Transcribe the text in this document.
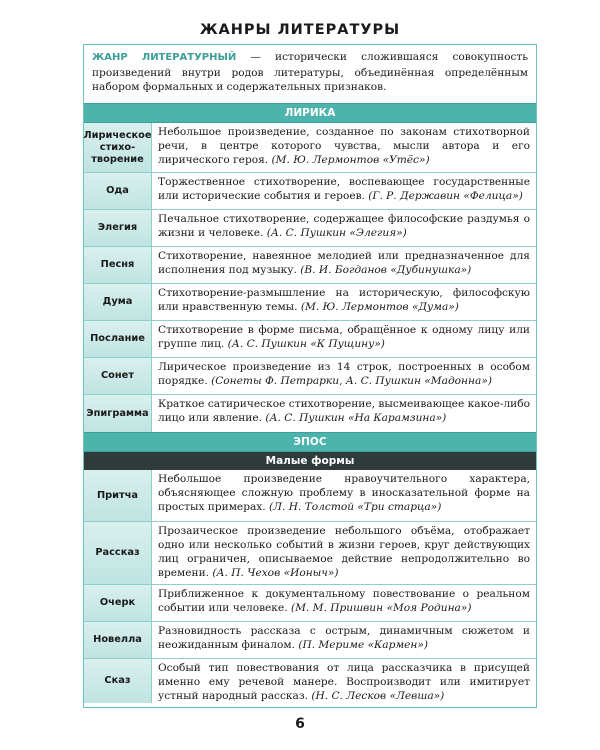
ЖАНРЫ ЛИТЕРАТУРЫ
ЖАНР ЛИТЕРАТУРНЫЙ — исторически сложившаяся совокупность произведений внутри родов литературы, объединённая определённым набором формальных и содержательных признаков.
ЛИРИКА
Лирическое стихо-творение
Небольшое произведение, созданное по законам стихотворной речи, в центре которого чувства, мысли автора и его лирического героя. (М. Ю. Лермонтов «Утёс»)
Ода
Торжественное стихотворение, воспевающее государственные или исторические события и героев. (Г. Р. Державин «Фелица»)
Элегия
Печальное стихотворение, содержащее философские раздумья о жизни и человеке. (А. С. Пушкин «Элегия»)
Песня
Стихотворение, навеянное мелодией или предназначенное для исполнения под музыку. (В. И. Богданов «Дубинушка»)
Дума
Стихотворение-размышление на историческую, философскую или нравственную темы. (М. Ю. Лермонтов «Дума»)
Послание
Стихотворение в форме письма, обращённое к одному лицу или группе лиц. (А. С. Пушкин «К Пущину»)
Сонет
Лирическое произведение из 14 строк, построенных в особом порядке. (Сонеты Ф. Петрарки, А. С. Пушкин «Мадонна»)
Эпиграмма
Краткое сатирическое стихотворение, высмеивающее какое-либо лицо или явление. (А. С. Пушкин «На Карамзина»)
ЭПОС
Малые формы
Притча
Небольшое произведение нравоучительного характера, объясняющее сложную проблему в иносказательной форме на простых примерах. (Л. Н. Толстой «Три старца»)
Рассказ
Прозаическое произведение небольшого объёма, отображает одно или несколько событий в жизни героев, круг действующих лиц ограничен, описываемое действие непродолжительно во времени. (А. П. Чехов «Ионыч»)
Очерк
Приближенное к документальному повествование о реальном событии или человеке. (М. М. Пришвин «Моя Родина»)
Новелла
Разновидность рассказа с острым, динамичным сюжетом и неожиданным финалом. (П. Мериме «Кармен»)
Сказ
Особый тип повествования от лица рассказчика в присущей именно ему речевой манере. Воспроизводит или имитирует устный народный рассказ. (Н. С. Лесков «Левша»)
6
